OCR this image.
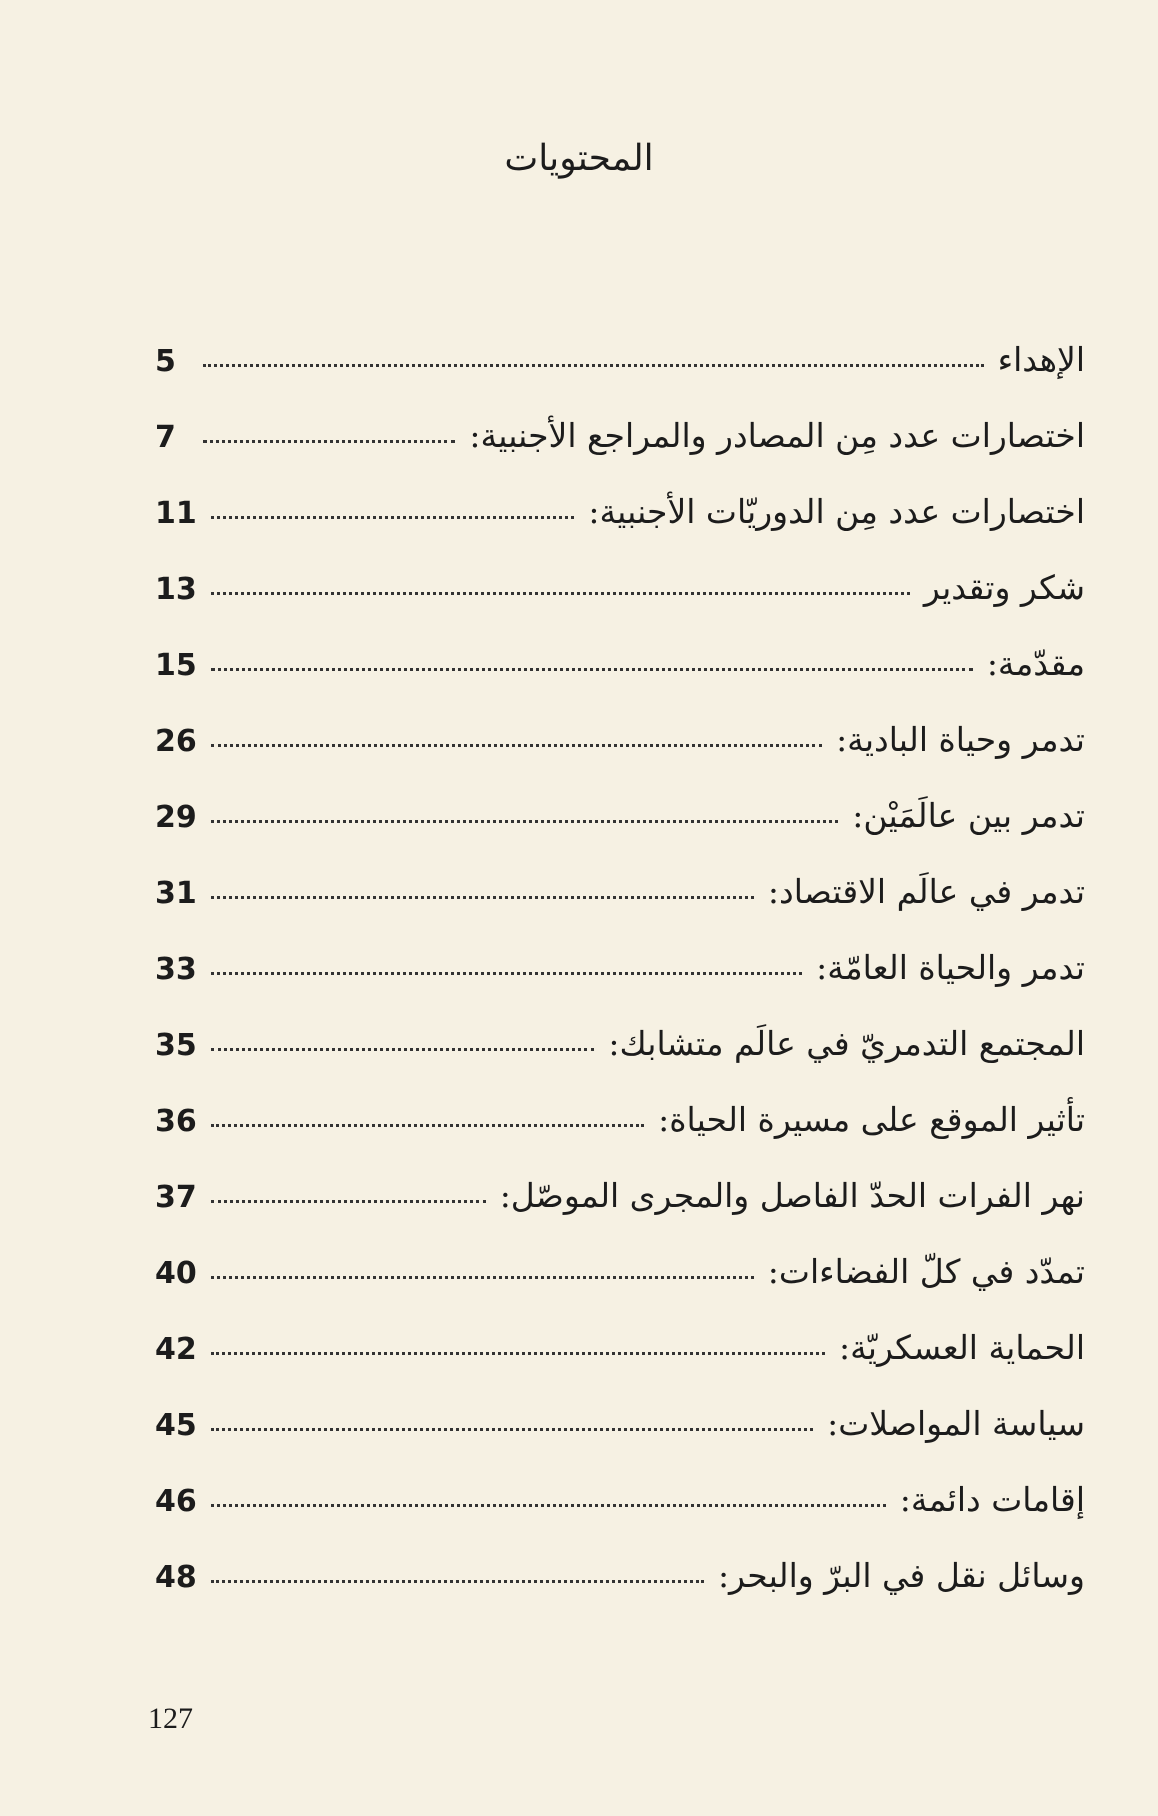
المحتويات
الإهداء
5
اختصارات عدد مِن المصادر والمراجع الأجنبية:
7
اختصارات عدد مِن الدوريّات الأجنبية:
11
شكر وتقدير
13
مقدّمة:
15
تدمر وحياة البادية:
26
تدمر بين عالَمَيْن:
29
تدمر في عالَم الاقتصاد:
31
تدمر والحياة العامّة:
33
المجتمع التدمريّ في عالَم متشابك:
35
تأثير الموقع على مسيرة الحياة:
36
نهر الفرات الحدّ الفاصل والمجرى الموصّل:
37
تمدّد في كلّ الفضاءات:
40
الحماية العسكريّة:
42
سياسة المواصلات:
45
إقامات دائمة:
46
وسائل نقل في البرّ والبحر:
48
127
